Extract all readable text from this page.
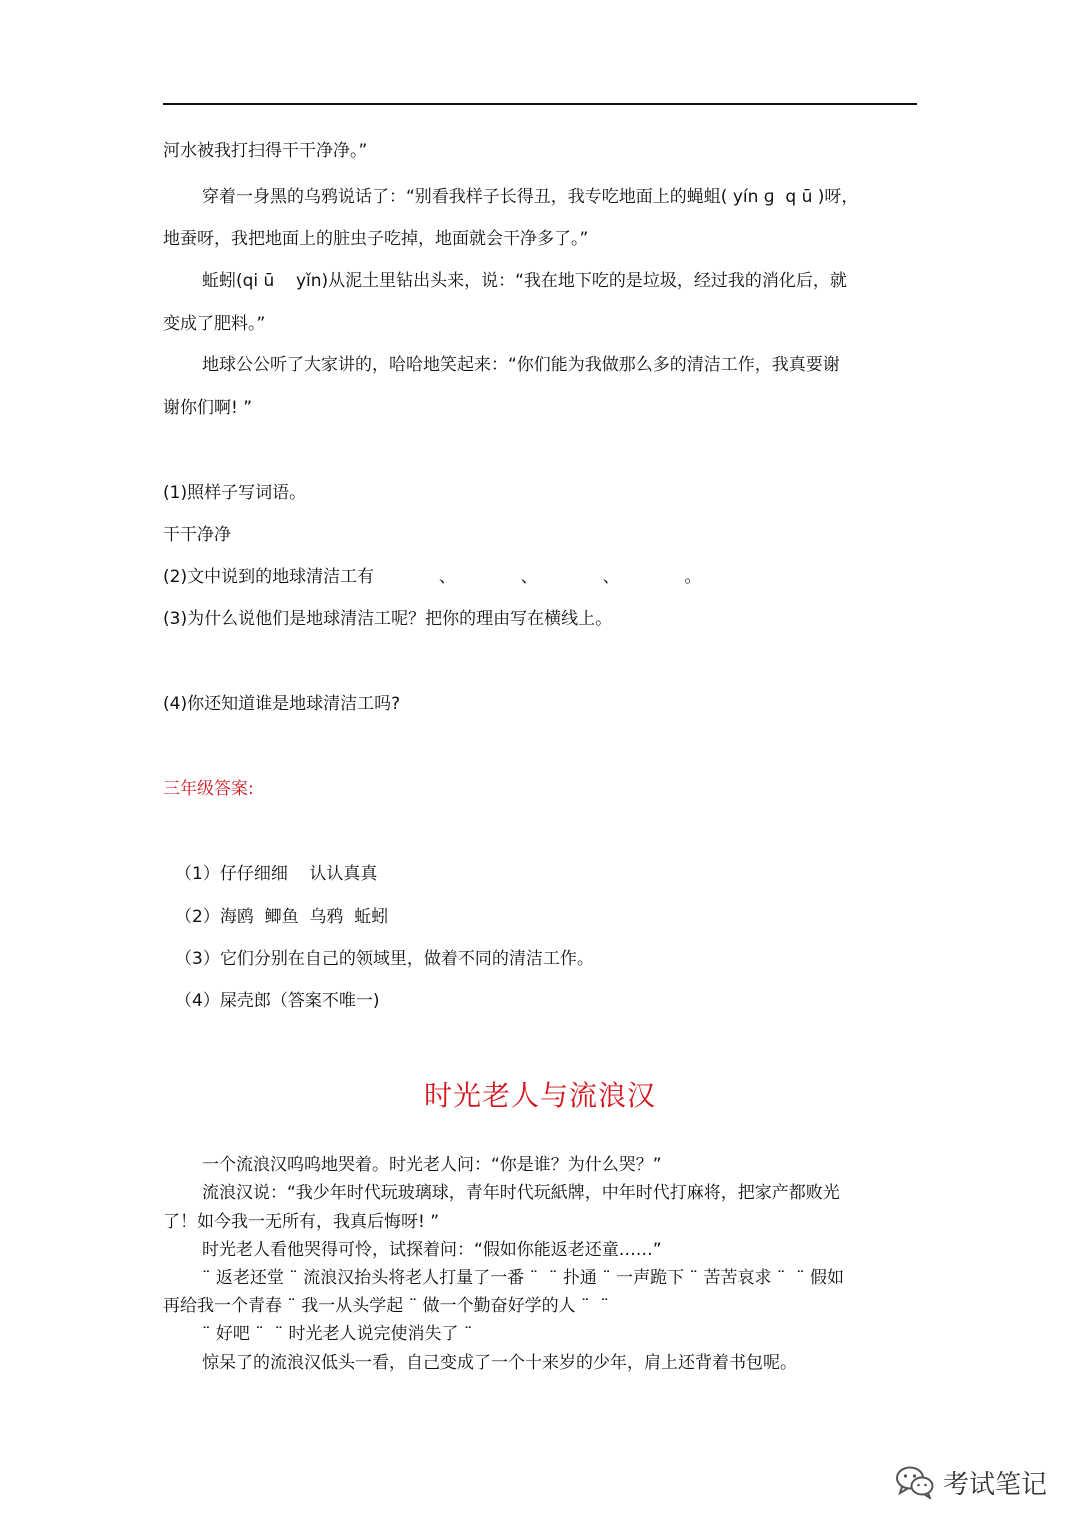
河水被我打扫得干干净净。”
穿着一身黑的乌鸦说话了：“别看我样子长得丑，我专吃地面上的蝇蛆( yín ɡ  q ū )呀，
地蚕呀，我把地面上的脏虫子吃掉，地面就会干净多了。”
蚯蚓(qi ū    yǐn)从泥土里钻出头来，说：“我在地下吃的是垃圾，经过我的消化后，就
变成了肥料。”
地球公公听了大家讲的，哈哈地笑起来：“你们能为我做那么多的清洁工作，我真要谢
谢你们啊! ”
(1)照样子写词语。
干干净净
(2)文中说到的地球清洁工有            、            、            、            。
(3)为什么说他们是地球清洁工呢？把你的理由写在横线上。
(4)你还知道谁是地球清洁工吗?
三年级答案:
（1）仔仔细细    认认真真
（2）海鸥  鲫鱼  乌鸦  蚯蚓
（3）它们分别在自己的领域里，做着不同的清洁工作。
（4）屎壳郎（答案不唯一)
时光老人与流浪汉
一个流浪汉呜呜地哭着。时光老人问：“你是谁？为什么哭？”
流浪汉说：“我少年时代玩玻璃球，青年时代玩紙牌，中年时代打麻将，把家产都败光
了！如今我一无所有，我真后悔呀! ”
时光老人看他哭得可怜，试探着问：“假如你能返老还童……”
¨ 返老还堂 ¨ 流浪汉抬头将老人打量了一番 ¨  ¨ 扑通 ¨ 一声跪下 ¨ 苦苦哀求 ¨  ¨ 假如
再给我一个青春 ¨ 我一从头学起 ¨ 做一个勤奋好学的人 ¨  ¨
¨ 好吧 ¨  ¨ 时光老人说完使消失了 ¨
惊呆了的流浪汉低头一看，自己变成了一个十来岁的少年，肩上还背着书包呢。
考试笔记
